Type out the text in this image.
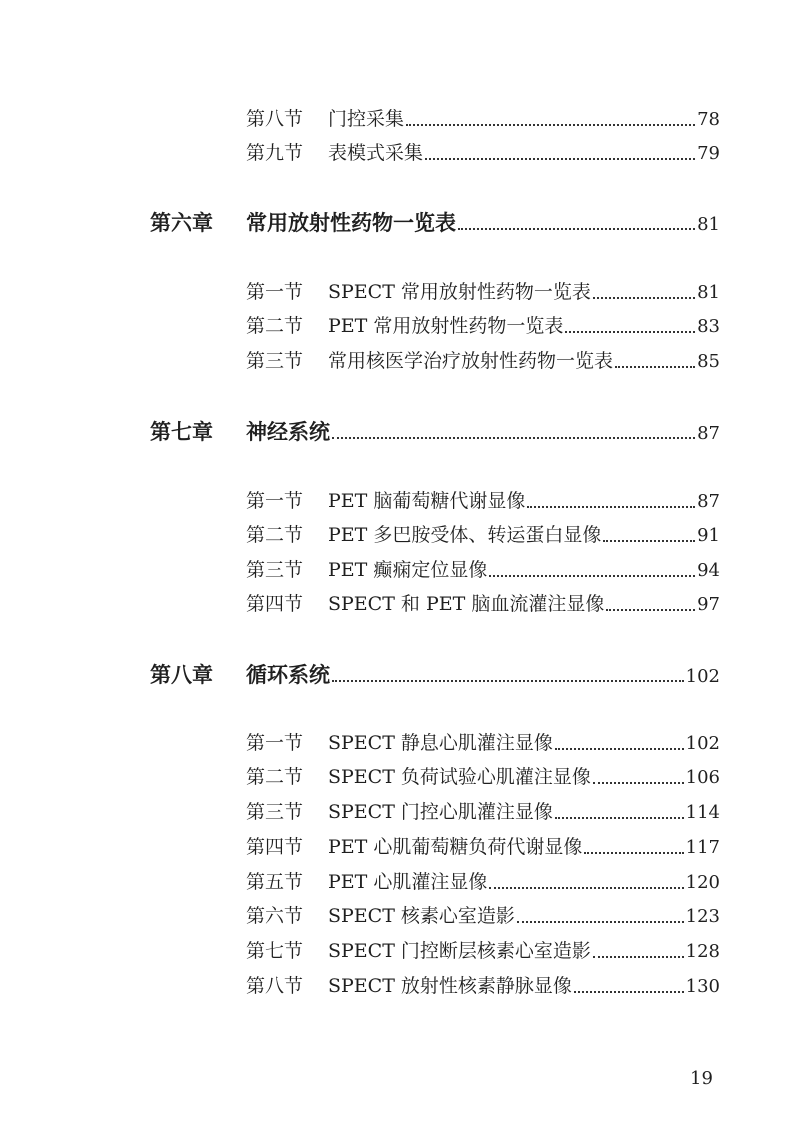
第八节	门控采集	78
第九节	表模式采集	79
第六章	常用放射性药物一览表	81
第一节	SPECT 常用放射性药物一览表	81
第二节	PET 常用放射性药物一览表	83
第三节	常用核医学治疗放射性药物一览表	85
第七章	神经系统	87
第一节	PET 脑葡萄糖代谢显像	87
第二节	PET 多巴胺受体、转运蛋白显像	91
第三节	PET 癫痫定位显像	94
第四节	SPECT 和 PET 脑血流灌注显像	97
第八章	循环系统	102
第一节	SPECT 静息心肌灌注显像	102
第二节	SPECT 负荷试验心肌灌注显像	106
第三节	SPECT 门控心肌灌注显像	114
第四节	PET 心肌葡萄糖负荷代谢显像	117
第五节	PET 心肌灌注显像	120
第六节	SPECT 核素心室造影	123
第七节	SPECT 门控断层核素心室造影	128
第八节	SPECT 放射性核素静脉显像	130
19
